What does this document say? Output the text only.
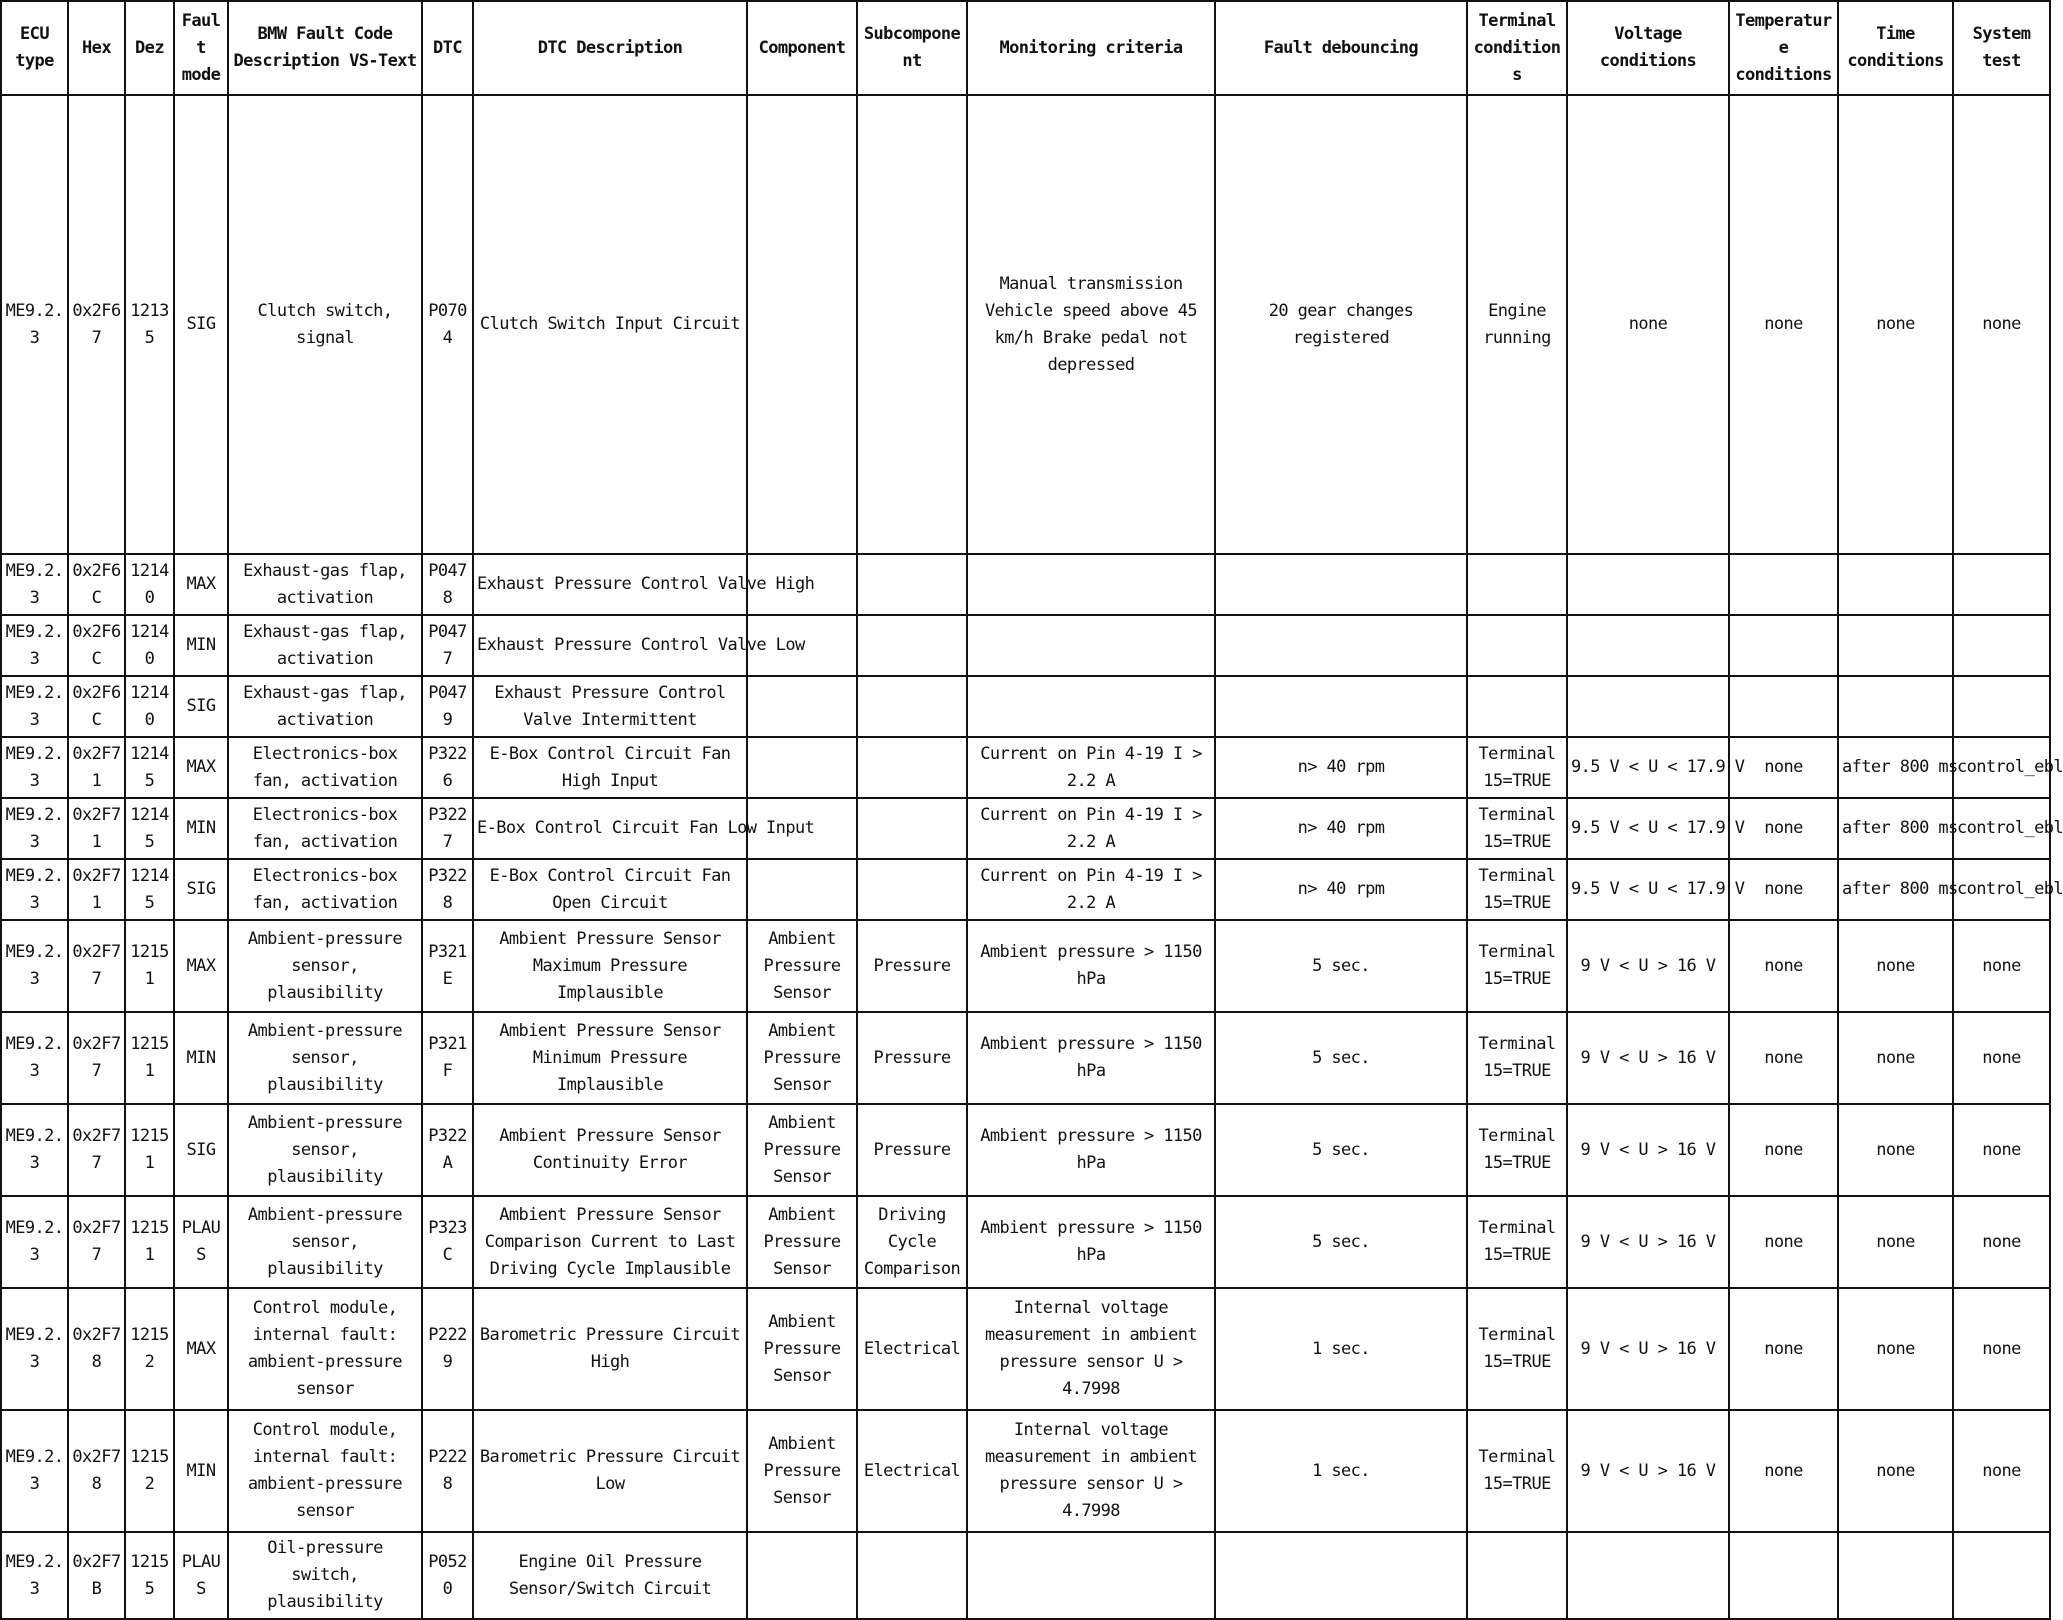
ECU type	Hex	Dez	Fault mode	BMW Fault Code Description VS-Text	DTC	DTC Description	Component	Subcomponent	Monitoring criteria	Fault debouncing	Terminal conditions	Voltage conditions	Temperature conditions	Time conditions	System test
ME9.2.3	0x2F67	12135	SIG	Clutch switch, signal	P0704	Clutch Switch Input Circuit			Manual transmission Vehicle speed above 45 km/h Brake pedal not depressed	20 gear changes registered	Engine running	none	none	none	none
ME9.2.3	0x2F6C	12140	MAX	Exhaust-gas flap, activation	P0478	Exhaust Pressure Control Valve High									
ME9.2.3	0x2F6C	12140	MIN	Exhaust-gas flap, activation	P0477	Exhaust Pressure Control Valve Low									
ME9.2.3	0x2F6C	12140	SIG	Exhaust-gas flap, activation	P0479	Exhaust Pressure Control Valve Intermittent									
ME9.2.3	0x2F71	12145	MAX	Electronics-box fan, activation	P3226	E-Box Control Circuit Fan High Input			Current on Pin 4-19 I > 2.2 A	n> 40 rpm	Terminal 15=TRUE	9.5 V < U < 17.9 V	none	after 800 ms	control_ebl
ME9.2.3	0x2F71	12145	MIN	Electronics-box fan, activation	P3227	E-Box Control Circuit Fan Low Input			Current on Pin 4-19 I > 2.2 A	n> 40 rpm	Terminal 15=TRUE	9.5 V < U < 17.9 V	none	after 800 ms	control_ebl
ME9.2.3	0x2F71	12145	SIG	Electronics-box fan, activation	P3228	E-Box Control Circuit Fan Open Circuit			Current on Pin 4-19 I > 2.2 A	n> 40 rpm	Terminal 15=TRUE	9.5 V < U < 17.9 V	none	after 800 ms	control_ebl
ME9.2.3	0x2F77	12151	MAX	Ambient-pressure sensor, plausibility	P321E	Ambient Pressure Sensor Maximum Pressure Implausible	Ambient Pressure Sensor	Pressure	Ambient pressure > 1150 hPa	5 sec.	Terminal 15=TRUE	9 V < U > 16 V	none	none	none
ME9.2.3	0x2F77	12151	MIN	Ambient-pressure sensor, plausibility	P321F	Ambient Pressure Sensor Minimum Pressure Implausible	Ambient Pressure Sensor	Pressure	Ambient pressure > 1150 hPa	5 sec.	Terminal 15=TRUE	9 V < U > 16 V	none	none	none
ME9.2.3	0x2F77	12151	SIG	Ambient-pressure sensor, plausibility	P322A	Ambient Pressure Sensor Continuity Error	Ambient Pressure Sensor	Pressure	Ambient pressure > 1150 hPa	5 sec.	Terminal 15=TRUE	9 V < U > 16 V	none	none	none
ME9.2.3	0x2F77	12151	PLAUS	Ambient-pressure sensor, plausibility	P323C	Ambient Pressure Sensor Comparison Current to Last Driving Cycle Implausible	Ambient Pressure Sensor	Driving Cycle Comparison	Ambient pressure > 1150 hPa	5 sec.	Terminal 15=TRUE	9 V < U > 16 V	none	none	none
ME9.2.3	0x2F78	12152	MAX	Control module, internal fault: ambient-pressure sensor	P2229	Barometric Pressure Circuit High	Ambient Pressure Sensor	Electrical	Internal voltage measurement in ambient pressure sensor U > 4.7998	1 sec.	Terminal 15=TRUE	9 V < U > 16 V	none	none	none
ME9.2.3	0x2F78	12152	MIN	Control module, internal fault: ambient-pressure sensor	P2228	Barometric Pressure Circuit Low	Ambient Pressure Sensor	Electrical	Internal voltage measurement in ambient pressure sensor U > 4.7998	1 sec.	Terminal 15=TRUE	9 V < U > 16 V	none	none	none
ME9.2.3	0x2F7B	12155	PLAUS	Oil-pressure switch, plausibility	P0520	Engine Oil Pressure Sensor/Switch Circuit									
